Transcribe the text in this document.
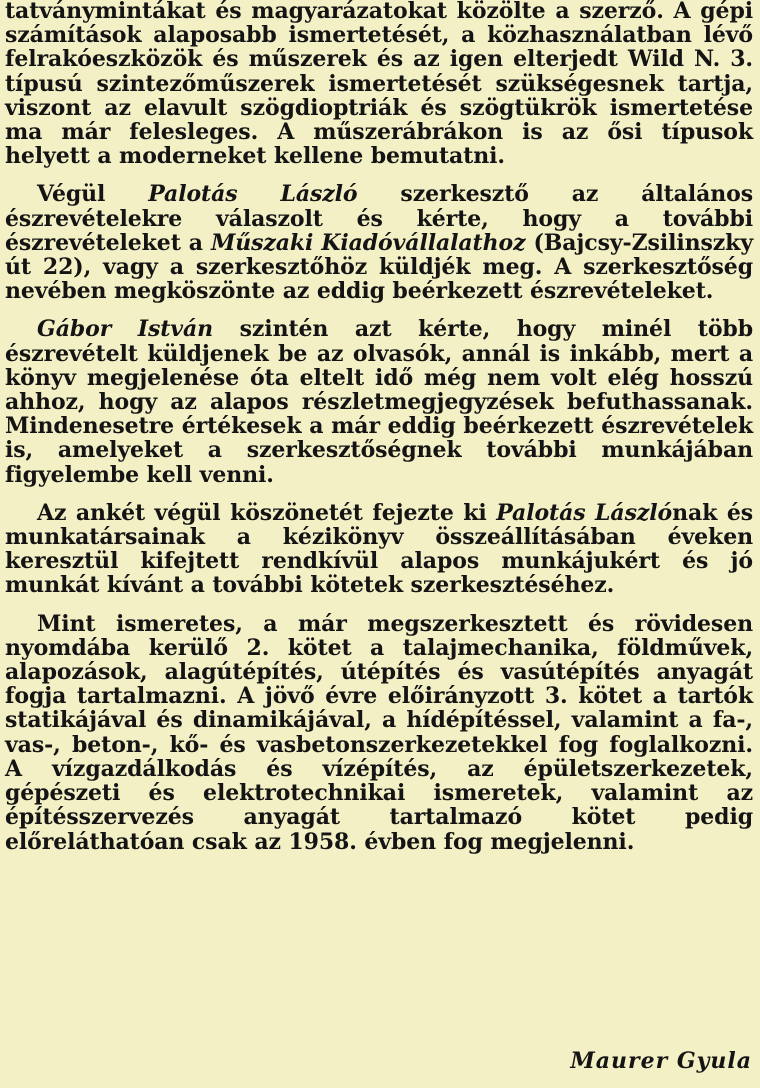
tatványmintákat és magyarázatokat közölte a szerző. A gépi számítások alaposabb ismertetését, a közhasználatban lévő felrakóeszközök és műszerek és az igen elterjedt Wild N. 3. típusú szintezőműszerek ismertetését szükségesnek tartja, viszont az elavult szögdioptriák és szögtükrök ismertetése ma már felesleges. A műszerábrákon is az ősi típusok helyett a moderneket kellene bemutatni.

Végül Palotás László szerkesztő az általános észrevételekre válaszolt és kérte, hogy a további észrevételeket a Műszaki Kiadóvállalathoz (Bajcsy-Zsilinszky út 22), vagy a szerkesztőhöz küldjék meg. A szerkesztőség nevében megköszönte az eddig beérkezett észrevételeket.

Gábor István szintén azt kérte, hogy minél több észrevételt küldjenek be az olvasók, annál is inkább, mert a könyv megjelenése óta eltelt idő még nem volt elég hosszú ahhoz, hogy az alapos részletmegjegyzések befuthassanak. Mindenesetre értékesek a már eddig beérkezett észrevételek is, amelyeket a szerkesztőségnek további munkájában figyelembe kell venni.

Az ankét végül köszönetét fejezte ki Palotás Lászlónak és munkatársainak a kézikönyv összeállításában éveken keresztül kifejtett rendkívül alapos munkájukért és jó munkát kívánt a további kötetek szerkesztéséhez.

Mint ismeretes, a már megszerkesztett és rövidesen nyomdába kerülő 2. kötet a talajmechanika, földművek, alapozások, alagútépítés, útépítés és vasútépítés anyagát fogja tartalmazni. A jövő évre előirányzott 3. kötet a tartók statikájával és dinamikájával, a hídépítéssel, valamint a fa-, vas-, beton-, kő- és vasbetonszerkezetekkel fog foglalkozni. A vízgazdálkodás és vízépítés, az épületszerkezetek, gépészeti és elektrotechnikai ismeretek, valamint az építésszervezés anyagát tartalmazó kötet pedig előreláthatóan csak az 1958. évben fog megjelenni.

Maurer Gyula
